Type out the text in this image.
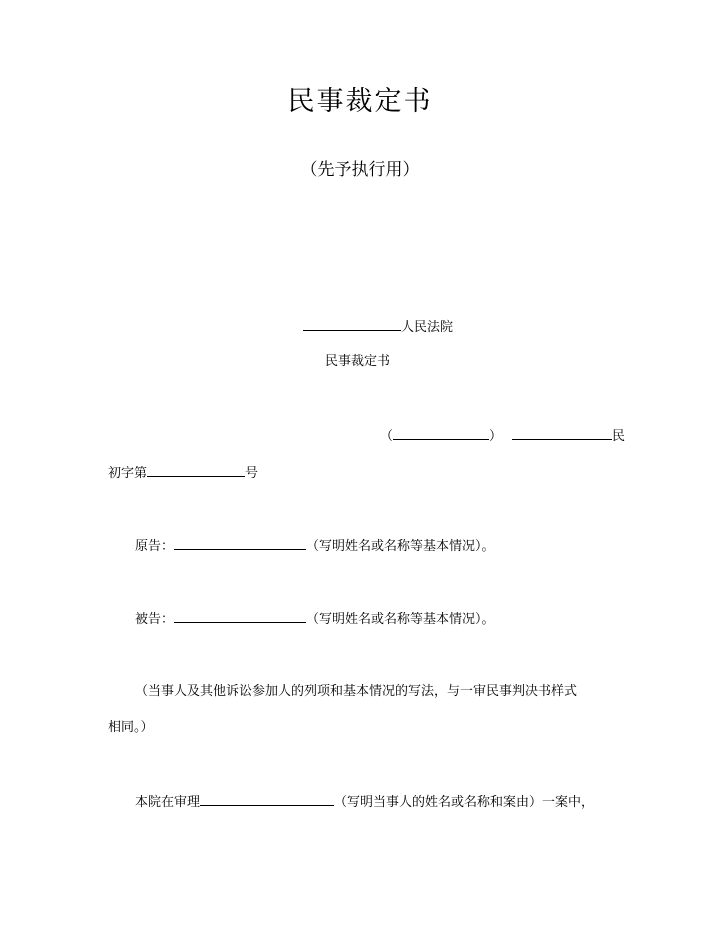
民事裁定书
（先予执行用）
人民法院
民事裁定书
（	）	民
初字第	号
原告：	（写明姓名或名称等基本情况）。
被告：	（写明姓名或名称等基本情况）。
（当事人及其他诉讼参加人的列项和基本情况的写法，与一审民事判决书样式
相同。）
本院在审理	（写明当事人的姓名或名称和案由）一案中，
